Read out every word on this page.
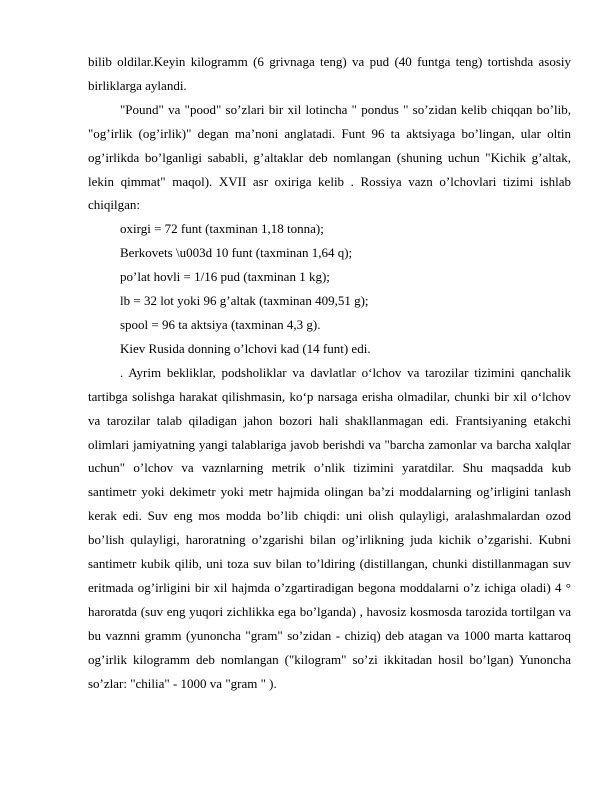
bilib oldilar.Keyin kilogramm (6 grivnaga teng) va pud (40 funtga teng) tortishda asosiy birliklarga aylandi.

"Pound" va "pood" so’zlari bir xil lotincha " pondus " so’zidan kelib chiqqan bo’lib, "og’irlik (og’irlik)" degan ma’noni anglatadi. Funt 96 ta aktsiyaga bo’lingan, ular oltin og’irlikda bo’lganligi sababli, g’altaklar deb nomlangan (shuning uchun "Kichik g’altak, lekin qimmat" maqol). XVII asr oxiriga kelib . Rossiya vazn o’lchovlari tizimi ishlab chiqilgan:

oxirgi = 72 funt (taxminan 1,18 tonna);

Berkovets \u003d 10 funt (taxminan 1,64 q);

po’lat hovli = 1/16 pud (taxminan 1 kg);

lb = 32 lot yoki 96 g’altak (taxminan 409,51 g);

spool = 96 ta aktsiya (taxminan 4,3 g).

Kiev Rusida donning o’lchovi kad (14 funt) edi.

. Ayrim bekliklar, podsholiklar va davlatlar o‘lchov va tarozilar tizimini qanchalik tartibga solishga harakat qilishmasin, ko‘p narsaga erisha olmadilar, chunki bir xil o‘lchov va tarozilar talab qiladigan jahon bozori hali shakllanmagan edi. Frantsiyaning etakchi olimlari jamiyatning yangi talablariga javob berishdi va "barcha zamonlar va barcha xalqlar uchun" o’lchov va vaznlarning metrik o’nlik tizimini yaratdilar. Shu maqsadda kub santimetr yoki dekimetr yoki metr hajmida olingan ba’zi moddalarning og’irligini tanlash kerak edi. Suv eng mos modda bo’lib chiqdi: uni olish qulayligi, aralashmalardan ozod bo’lish qulayligi, haroratning o’zgarishi bilan og’irlikning juda kichik o’zgarishi. Kubni santimetr kubik qilib, uni toza suv bilan to’ldiring (distillangan, chunki distillanmagan suv eritmada og’irligini bir xil hajmda o’zgartiradigan begona moddalarni o’z ichiga oladi) 4 ° haroratda (suv eng yuqori zichlikka ega bo’lganda) , havosiz kosmosda tarozida tortilgan va bu vaznni gramm (yunoncha "gram" so’zidan - chiziq) deb atagan va 1000 marta kattaroq og’irlik kilogramm deb nomlangan ("kilogram" so’zi ikkitadan hosil bo’lgan) Yunoncha so’zlar: "chilia" - 1000 va "gram " ).
